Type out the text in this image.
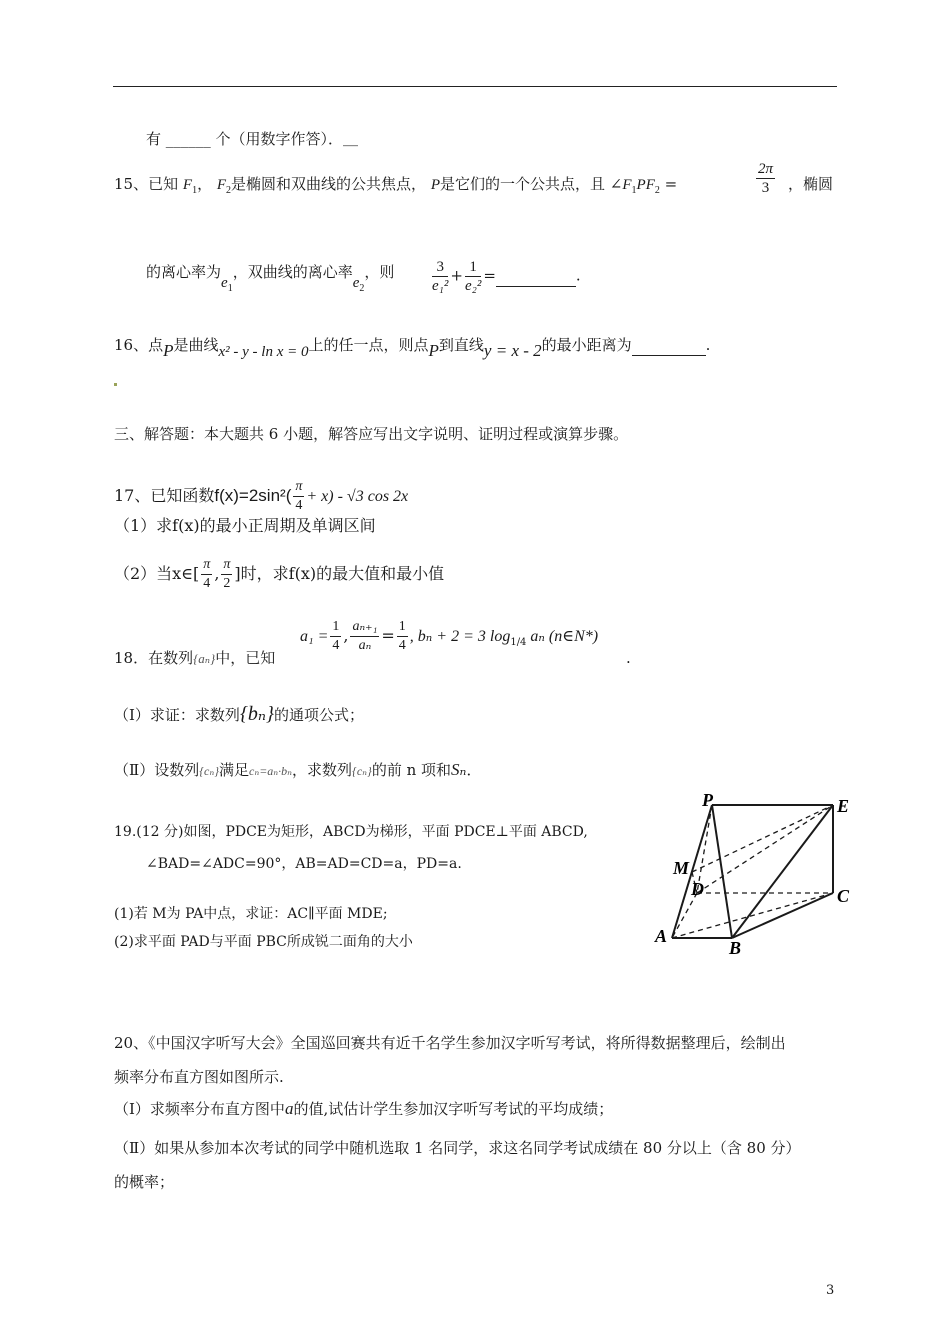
有 ______ 个（用数字作答）．＿
15、已知 $F_1$， $F_2$是椭圆和双曲线的公共焦点， P是它们的一个公共点，且 $\angle F_1PF_2$ =	$\frac{2\pi}{3}$ ，椭圆
的离心率为$e_1$，双曲线的离心率$e_2$，则	$\frac{3}{\text{e₁²}} + \frac{1}{\text{e₂²}}$ =	.
16、点P是曲线x² - y - ln x = 0上的任一点，则点P到直线y = x - 2的最小距离为	.
三、解答题：本大题共 6 小题，解答应写出文字说明、证明过程或演算步骤。
17、已知函数$f(x)=2\sin^2( \frac{\pi}{4} + x) - √3$ cos 2x
（1）求f(x)的最小正周期及单调区间
（2）当x∈[ $\frac{\pi}{4}$ , $\frac{\pi}{2}$ ]时，求f(x)的最大值和最小值
$a_1 = \frac{1}{4}$ , $\frac{\text{aₙ₊₁}}{\text{aₙ}} = \frac{1}{4}$ , bₙ + 2 = 3 $\log_{1/4} a_n$ (n∈N*)
18．在数列{aₙ}中，已知	.
（Ⅰ）求证：求数列{bₙ}的通项公式；
（Ⅱ）设数列{cₙ}满足cₙ=aₙ·bₙ，求数列{cₙ}的前 n 项和Sₙ．
19.(12 分)如图，PDCE为矩形，ABCD为梯形，平面 PDCE⊥平面 ABCD,
∠BAD=∠ADC=90°，AB=AD=CD=a，PD=a.
(1)若 M为 PA中点，求证：AC∥平面 MDE;
(2)求平面 PAD与平面 PBC所成锐二面角的大小
P	E
M
D	C
A
B
20、《中国汉字听写大会》全国巡回赛共有近千名学生参加汉字听写考试，将所得数据整理后，绘制出
频率分布直方图如图所示.
（Ⅰ）求频率分布直方图中a的值,试估计学生参加汉字听写考试的平均成绩；
（Ⅱ）如果从参加本次考试的同学中随机选取 1 名同学，求这名同学考试成绩在 80 分以上（含 80 分）
的概率；
3
